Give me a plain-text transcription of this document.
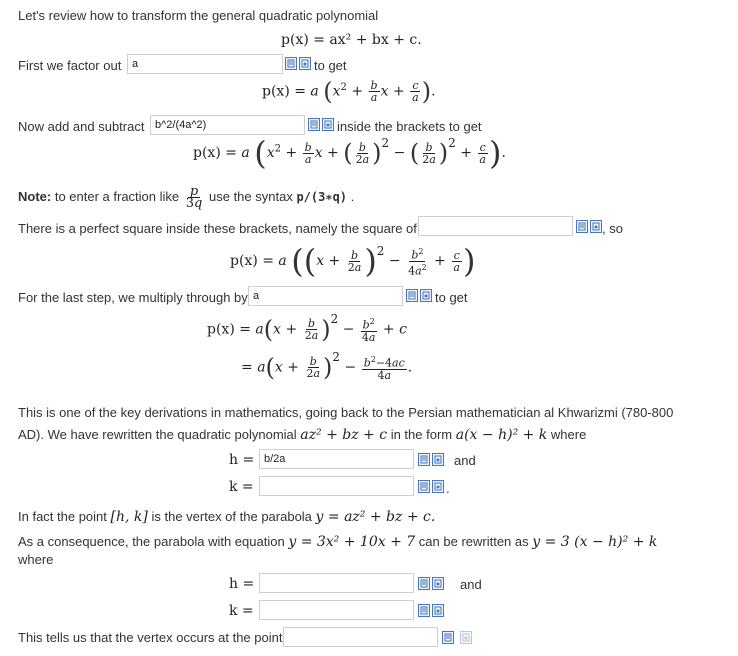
Let's review how to transform the general quadratic polynomial
p(x) = ax² + bx + c.
First we factor out
a	to get
p(x) = a ($x^2 + \frac{b}{a}$ $x + \frac{c}{a}$ ).
Now add and subtract
b^2/(4a^2)	inside the brackets to get
p(x) = a ($x^2 + \frac{b}{a}$ x + ( $\frac{b}{2a} )2$ − ( $\frac{b}{2a} )2 + \frac{c}{a}$ ).
Note: to enter a fraction like $\frac{p}{3q}$ use the syntax p/(3∗q) .
There is a perfect square inside these brackets, namely the square of	, so
p(x) = a ($(x + \frac{b}{2a} )2 - \frac{b^2}{4a^2} + \frac{c}{a}$ )
For the last step, we multiply through by
a	to get
$p(x) = a(x + \frac{b}{2a} )2 - \frac{b^2}{4a} + c$
= $a(x + \frac{b}{2a} )2 - \frac{b^2-4ac}{4a}$ .
This is one of the key derivations in mathematics, going back to the Persian mathematician al Khwarizmi (780-800
AD). We have rewritten the quadratic polynomial az² + bz + c in the form a(x − h)² + k where
h =
b/2a	and
k =	.
In fact the point [h, k] is the vertex of the parabola y = az² + bz + c.
As a consequence, the parabola with equation y = 3x² + 10x + 7 can be rewritten as y = 3 (x − h)² + k
where
h =	and
k =
This tells us that the vertex occurs at the point
